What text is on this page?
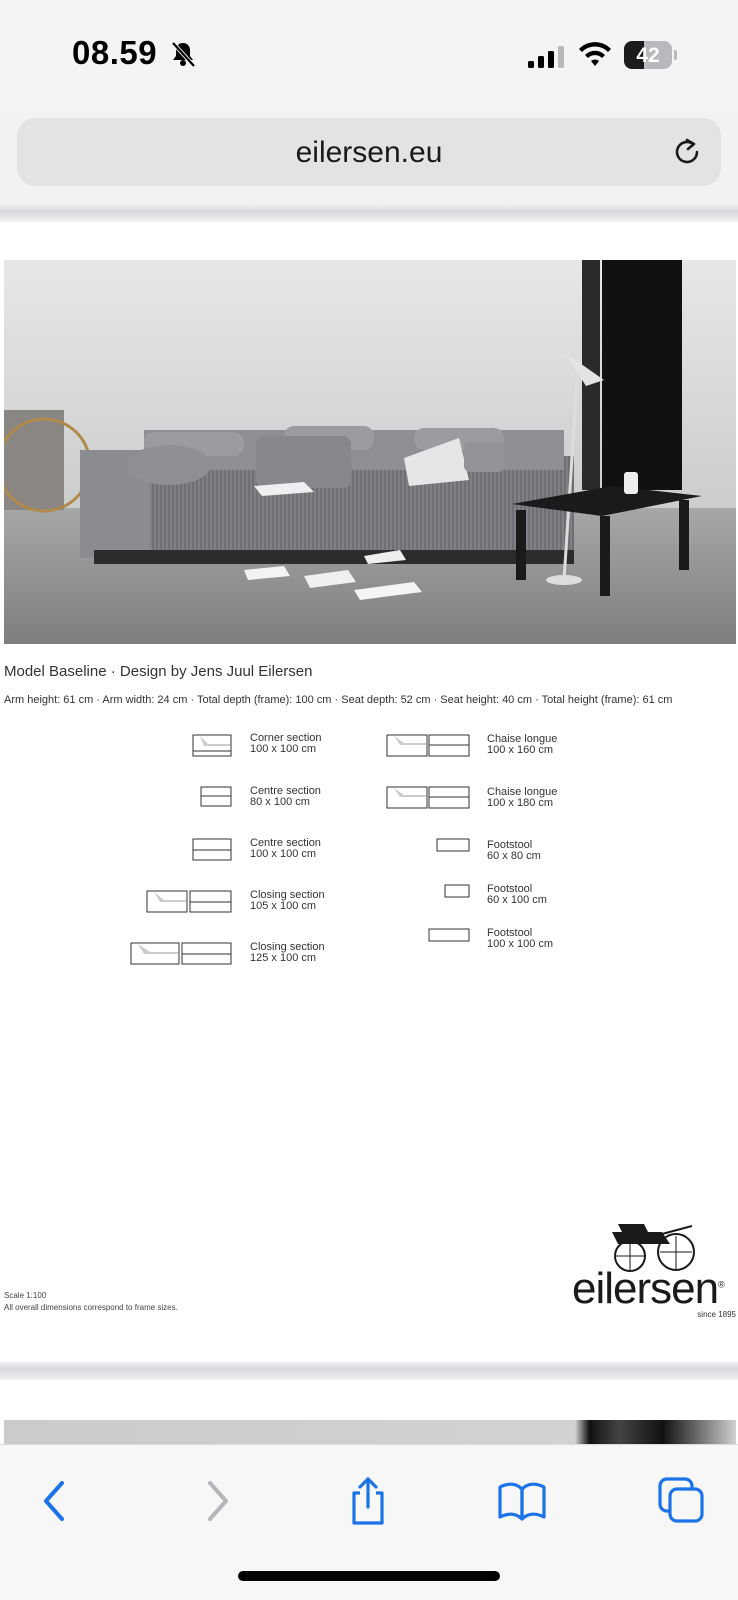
08.59	42
eilersen.eu
Model Baseline · Design by Jens Juul Eilersen
Arm height: 61 cm · Arm width: 24 cm · Total depth (frame): 100 cm · Seat depth: 52 cm · Seat height: 40 cm · Total height (frame): 61 cm
Corner section
100 x 100 cm
Centre section
80 x 100 cm
Centre section
100 x 100 cm
Closing section
105 x 100 cm
Closing section
125 x 100 cm
Chaise longue
100 x 160 cm
Chaise longue
100 x 180 cm
Footstool
60 x 80 cm
Footstool
60 x 100 cm
Footstool
100 x 100 cm
Scale 1:100
All overall dimensions correspond to frame sizes.	eilersen®
since 1895
